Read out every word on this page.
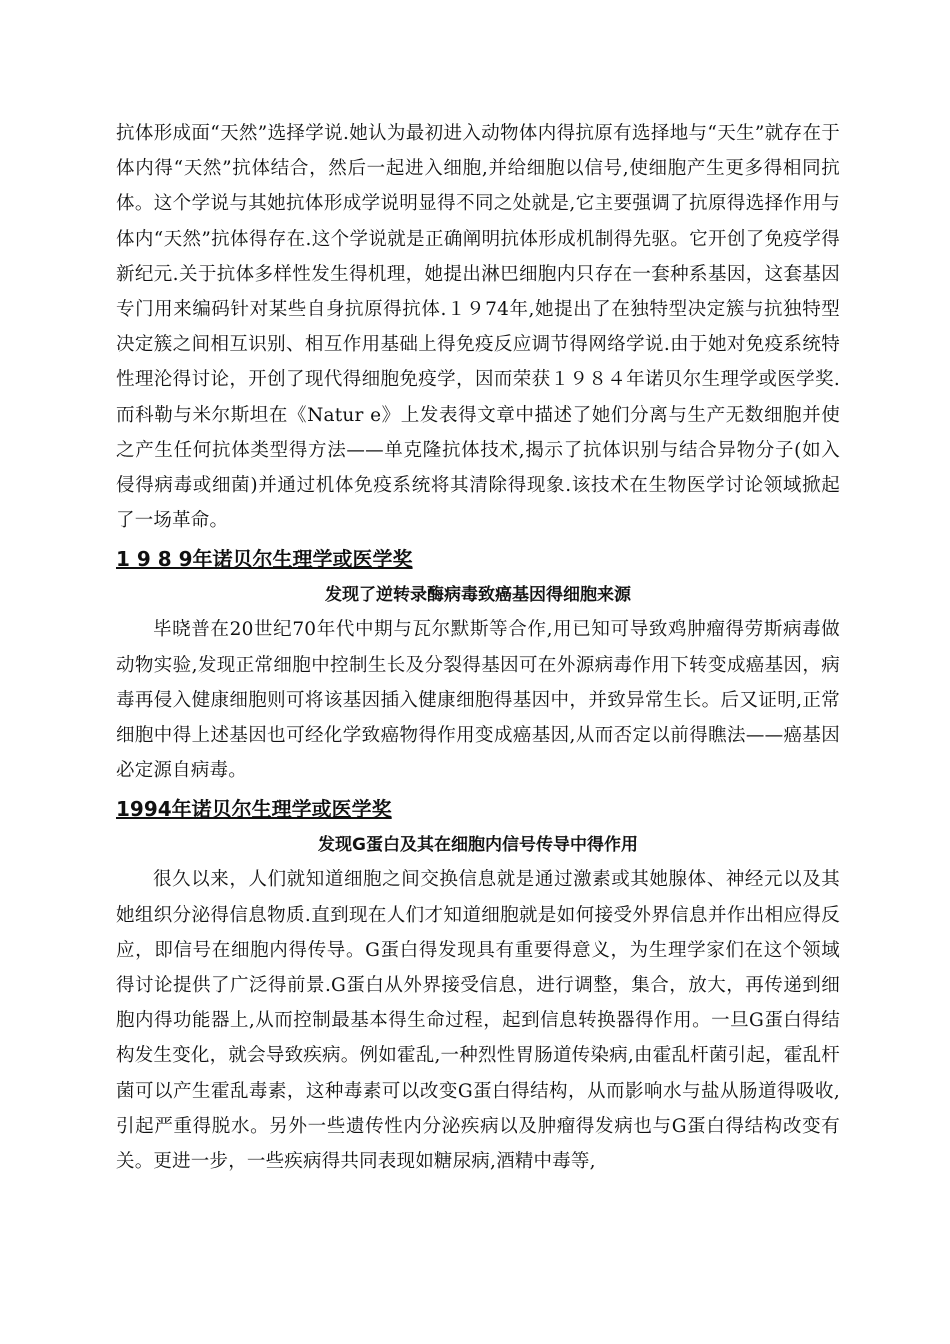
抗体形成面“天然”选择学说.她认为最初进入动物体内得抗原有选择地与“天生”就存在于体内得“天然”抗体结合，然后一起进入细胞,并给细胞以信号,使细胞产生更多得相同抗体。这个学说与其她抗体形成学说明显得不同之处就是,它主要强调了抗原得选择作用与体内“天然”抗体得存在.这个学说就是正确阐明抗体形成机制得先驱。它开创了免疫学得新纪元.关于抗体多样性发生得机理，她提出淋巴细胞内只存在一套种系基因，这套基因专门用来编码针对某些自身抗原得抗体.１９74年,她提出了在独特型决定簇与抗独特型决定簇之间相互识别、相互作用基础上得免疫反应调节得网络学说.由于她对免疫系统特性理沦得讨论，开创了现代得细胞免疫学，因而荣获１９８４年诺贝尔生理学或医学奖.而科勒与米尔斯坦在《Natur e》上发表得文章中描述了她们分离与生产无数细胞并使之产生任何抗体类型得方法——单克隆抗体技术,揭示了抗体识别与结合异物分子(如入侵得病毒或细菌)并通过机体免疫系统将其清除得现象.该技术在生物医学讨论领域掀起了一场革命。

1 9 8 9年诺贝尔生理学或医学奖
发现了逆转录酶病毒致癌基因得细胞来源

毕晓普在20世纪70年代中期与瓦尔默斯等合作,用已知可导致鸡肿瘤得劳斯病毒做动物实验,发现正常细胞中控制生长及分裂得基因可在外源病毒作用下转变成癌基因，病毒再侵入健康细胞则可将该基因插入健康细胞得基因中，并致异常生长。后又证明,正常细胞中得上述基因也可经化学致癌物得作用变成癌基因,从而否定以前得瞧法——癌基因必定源自病毒。

1994年诺贝尔生理学或医学奖
发现G蛋白及其在细胞内信号传导中得作用

很久以来，人们就知道细胞之间交换信息就是通过激素或其她腺体、神经元以及其她组织分泌得信息物质.直到现在人们才知道细胞就是如何接受外界信息并作出相应得反应，即信号在细胞内得传导。G蛋白得发现具有重要得意义，为生理学家们在这个领域得讨论提供了广泛得前景.G蛋白从外界接受信息，进行调整，集合，放大，再传递到细胞内得功能器上,从而控制最基本得生命过程，起到信息转换器得作用。一旦G蛋白得结构发生变化，就会导致疾病。例如霍乱,一种烈性胃肠道传染病,由霍乱杆菌引起，霍乱杆菌可以产生霍乱毒素，这种毒素可以改变G蛋白得结构，从而影响水与盐从肠道得吸收,引起严重得脱水。另外一些遗传性内分泌疾病以及肿瘤得发病也与G蛋白得结构改变有关。更进一步，一些疾病得共同表现如糖尿病,酒精中毒等,
